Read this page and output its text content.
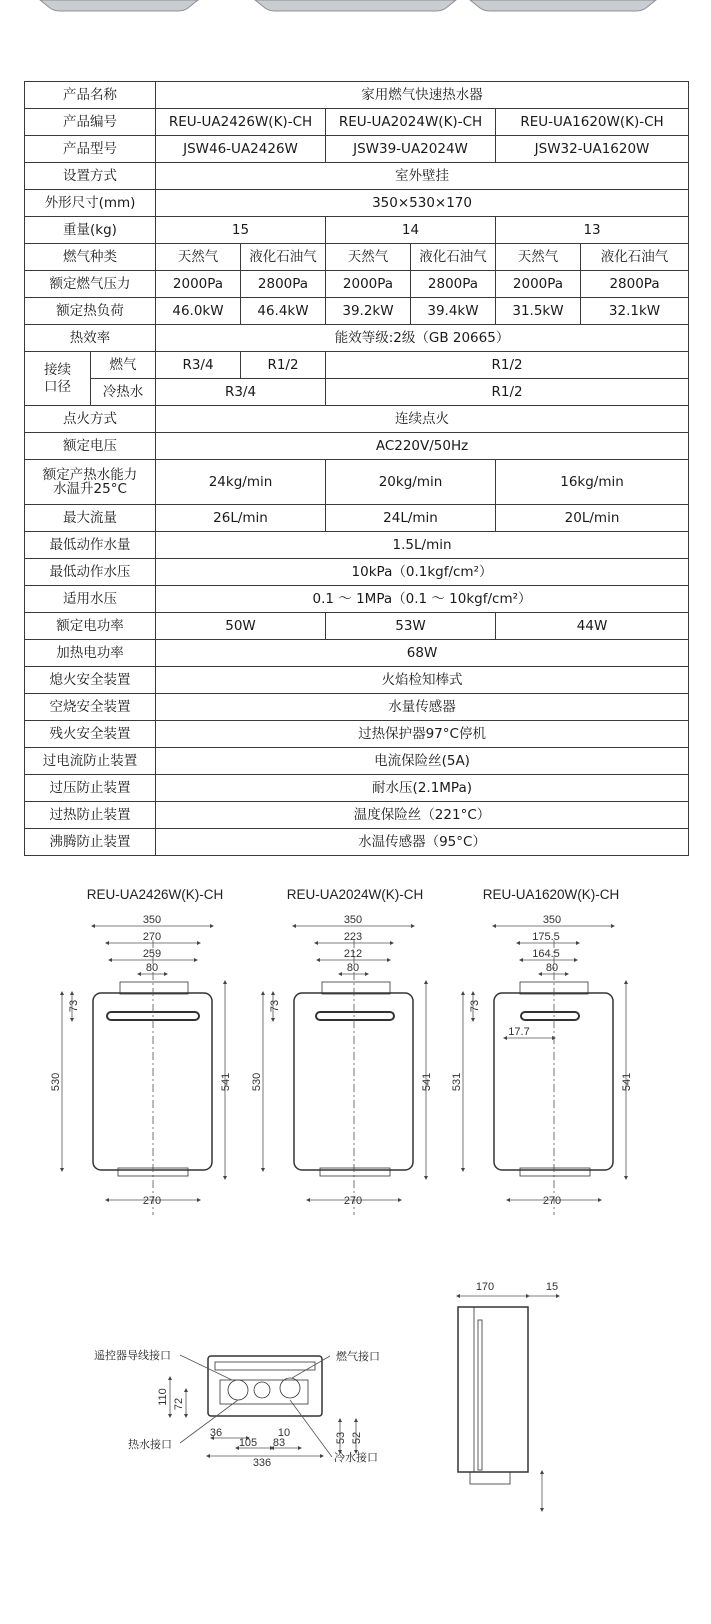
产品名称		家用燃气快速热水器					
产品编号		REU-UA2426W(K)-CH		REU-UA2024W(K)-CH		REU-UA1620W(K)-CH	
产品型号		JSW46-UA2426W		JSW39-UA2024W		JSW32-UA1620W	
设置方式		室外壁挂					
外形尺寸(mm)		350×530×170					
重量(kg)		15		14		13	
燃气种类		天然气	液化石油气	天然气	液化石油气	天然气	液化石油气
额定燃气压力		2000Pa	2800Pa	2000Pa	2800Pa	2000Pa	2800Pa
额定热负荷		46.0kW	46.4kW	39.2kW	39.4kW	31.5kW	32.1kW
热效率		能效等级:2级（GB 20665）					
接续
口径	燃气	R3/4	R1/2	R1/2			
	冷热水	R3/4		R1/2			
点火方式		连续点火					
额定电压		AC220V/50Hz					
额定产热水能力
水温升25°C		24kg/min		20kg/min		16kg/min	
最大流量		26L/min		24L/min		20L/min	
最低动作水量		1.5L/min					
最低动作水压		10kPa（0.1kgf/cm²）					
适用水压		0.1 ～ 1MPa（0.1 ～ 10kgf/cm²）					
额定电功率		50W		53W		44W	
加热电功率		68W					
熄火安全装置		火焰检知棒式					
空烧安全装置		水量传感器					
残火安全装置		过热保护器97°C停机					
过电流防止装置		电流保险丝(5A)					
过压防止装置		耐水压(2.1MPa)					
过热防止装置		温度保险丝（221°C）					
沸腾防止装置		水温传感器（95°C）					
REU-UA2426W(K)-CH	REU-UA2024W(K)-CH	REU-UA1620W(K)-CH
350
270
259
80
270
73
530	541
350
223
212
80
270
73
530	541
350
175.5
164.5
80
270
17.7
73
531	541
遥控器导线接口	燃气接口
热水接口
冷水接口
110 72
36	10
105 83
336
53 52
170	15
